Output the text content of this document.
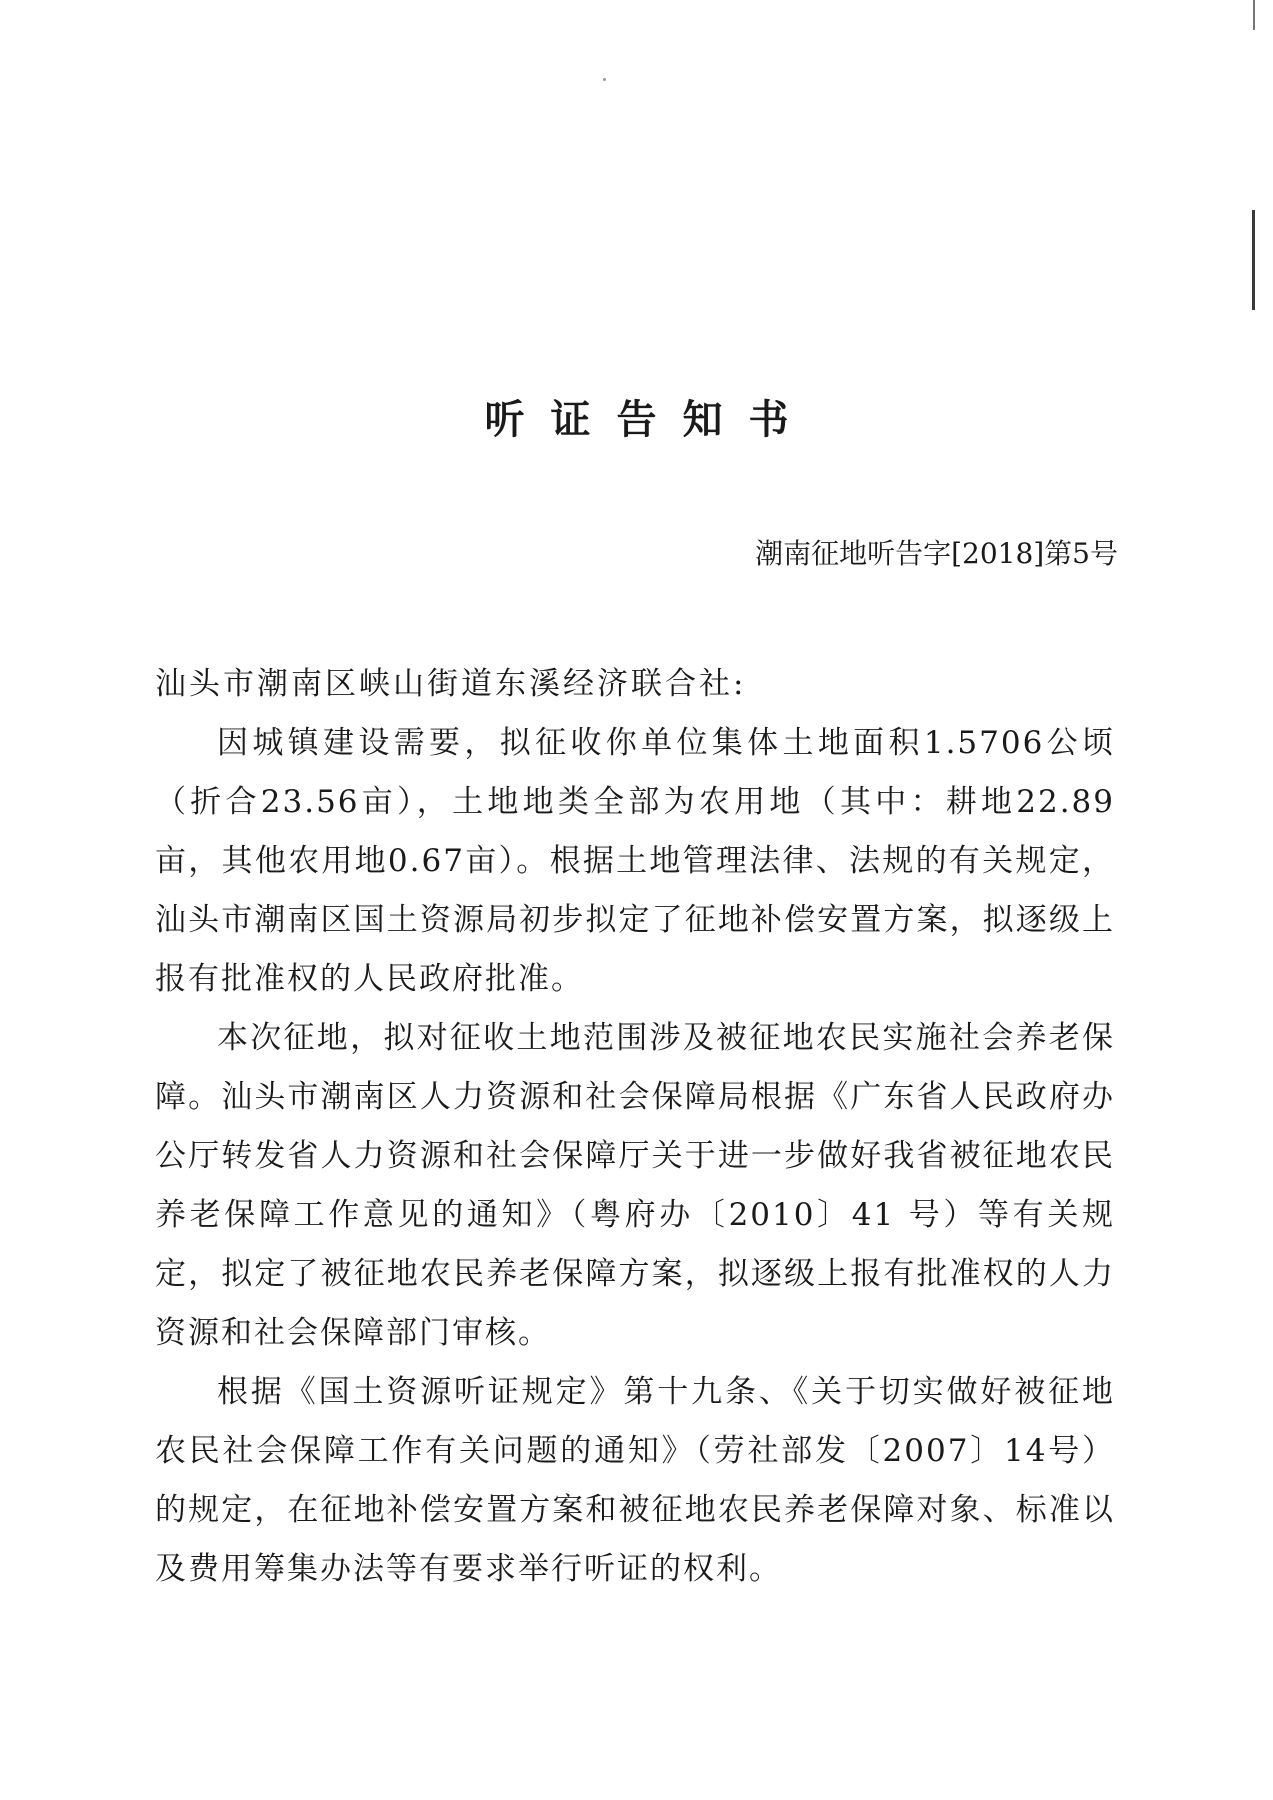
听证告知书
潮南征地听告字[2018]第5号

汕头市潮南区峡山街道东溪经济联合社:

因城镇建设需要，拟征收你单位集体土地面积1.5706公顷（折合23.56亩），土地地类全部为农用地（其中：耕地22.89亩，其他农用地0.67亩）。根据土地管理法律、法规的有关规定，汕头市潮南区国土资源局初步拟定了征地补偿安置方案，拟逐级上报有批准权的人民政府批准。

本次征地，拟对征收土地范围涉及被征地农民实施社会养老保障。汕头市潮南区人力资源和社会保障局根据《广东省人民政府办公厅转发省人力资源和社会保障厅关于进一步做好我省被征地农民养老保障工作意见的通知》（粤府办〔2010〕41 号）等有关规定，拟定了被征地农民养老保障方案，拟逐级上报有批准权的人力资源和社会保障部门审核。

根据《国土资源听证规定》第十九条、《关于切实做好被征地农民社会保障工作有关问题的通知》（劳社部发〔2007〕14号）的规定，在征地补偿安置方案和被征地农民养老保障对象、标准以及费用筹集办法等有要求举行听证的权利。
